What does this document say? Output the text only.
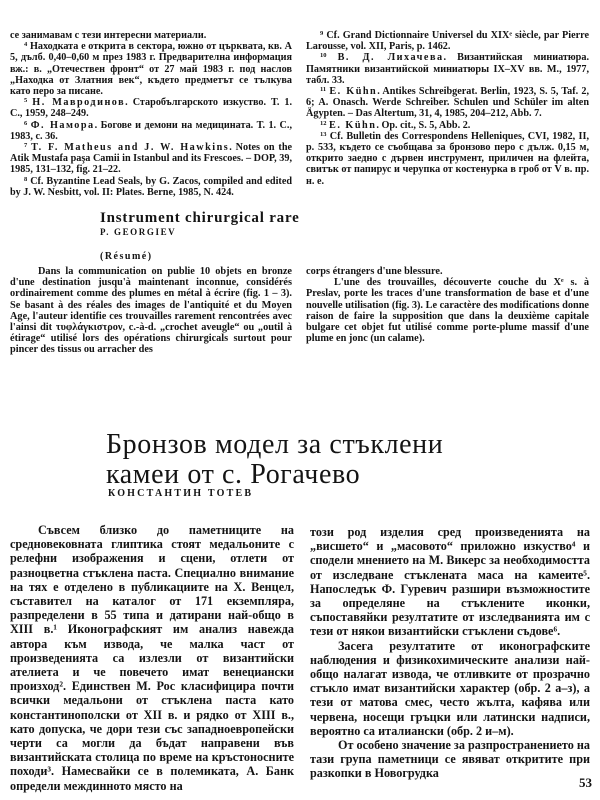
се занимавам с тези интересни материали.

$^4$ Находката е открита в сектора, южно от църквата, кв. А 5, дълб. 0,40–0,60 м през 1983 г. Предварителна информация вж.: в. „Отечествен фронт“ от 27 май 1983 г. под наслов „Находка от Златния век“, където предметът се тълкува като перо за писане.

$^5$ Н. Мавродинов. Старобългарското изкуство. Т. 1. С., 1959, 248–249.

$^6$ Ф. Намора. Богове и демони на медицината. Т. 1. С., 1983, с. 36.

$^7$ T. F. Matheus and J. W. Hawkins. Notes on the Atik Mustafa paşa Camii in Istanbul and its Frescoes. – DOP, 39, 1985, 131–132, fig. 21–22.

$^8$ Cf. Byzantine Lead Seals, by G. Zacos, compiled and edited by J. W. Nesbitt, vol. II: Plates. Berne, 1985, N. 424.

$^9$ Cf. Grand Dictionnaire Universel du XIXᵉ siècle, par Pierre Larousse, vol. XII, Paris, p. 1462.

$^{10}$ В. Д. Лихачева. Византийская миниатюра. Памятники византийской миниатюры IX–XV вв. М., 1977, табл. 33.

$^{11}$ E. Kühn. Antikes Schreibgerat. Berlin, 1923, S. 5, Taf. 2, 6; A. Onasch. Werde Schreiber. Schulen und Schüler im alten Ägypten. – Das Altertum, 31, 4, 1985, 204–212, Abb. 7.

$^{12}$ E. Kühn. Op. cit., S. 5, Abb. 2.

$^{13}$ Cf. Bulletin des Correspondens Helleniques, CVI, 1982, II, p. 533, където се съобщава за бронзово перо с дълж. 0,15 м, открито заедно с дървен инструмент, приличен на флейта, свитък от папирус и черупка от костенурка в гроб от V в. пр. н. е.

Instrument chirurgical rare
P. GEORGIEV
(Résumé)

Dans la communication on publie 10 objets en bronze d'une destination jusqu'à maintenant inconnue, considérés ordinairement comme des plumes en métal à écrire (fig. 1 – 3). Se basant à des réales des images de l'antiquité et du Moyen Age, l'auteur identifie ces trouvailles rarement rencontrées avec l'ainsi dit τυφλάγκιστρον, c.-à-d. „crochet aveugle“ ou „outil à étirage“ utilisé lors des opérations chirurgicals surtout pour pincer des tissus ou arracher des

corps étrangers d'une blessure.

L'une des trouvailles, découverte couche du Xᵉ s. à Preslav, porte les traces d'une transformation de base et d'une nouvelle utilisation (fig. 3). Le caractère des modifications donne raison de faire la supposition que dans la deuxième capitale bulgare cet objet fut utilisé comme porte-plume massif d'une plume en jonc (un calame).

Бронзов модел за стъклени
камеи от с. Рогачево
КОНСТАНТИН ТОТЕВ

Съвсем близко до паметниците на средновековната глиптика стоят медальоните с релефни изображения и сцени, отлети от разноцветна стъклена паста. Специално внимание на тях е отделено в публикациите на Х. Венцел, съставител на каталог от 171 екземпляра, разпределени в 55 типа и датирани най-общо в XIII в.¹ Иконографският им анализ навежда автора към извода, че малка част от произведенията са излезли от византийски ателиета и че повечето имат венециански произход². Единствен М. Рос класифицира почти всички медальони от стъклена паста като константинополски от XII в. и рядко от XIII в., като допуска, че дори тези със западноевропейски черти са могли да бъдат направени във византийската столица по време на кръстоносните походи³. Намесвайки се в полемиката, А. Банк определи междинното място на

този род изделия сред произведенията на „висшето“ и „масовото“ приложно изкуство⁴ и сподели мнението на М. Викерс за необходимостта от изследване стъклената маса на камеите⁵. Напоследък Ф. Гуревич разшири възможностите за определяне на стъклените иконки, съпоставяйки резултатите от изследванията им с тези от някои византийски стъклени съдове⁶.

Засега резултатите от иконографските наблюдения и физикохимическите анализи най-общо налагат извода, че отливките от прозрачно стъкло имат византийски характер (обр. 2 а–з), а тези от матова смес, често жълта, кафява или червена, носещи гръцки или латински надписи, вероятно са италиански (обр. 2 и–м).

От особено значение за разпространението на тази група паметници се явяват откритите при разкопки в Новогрудка

53
